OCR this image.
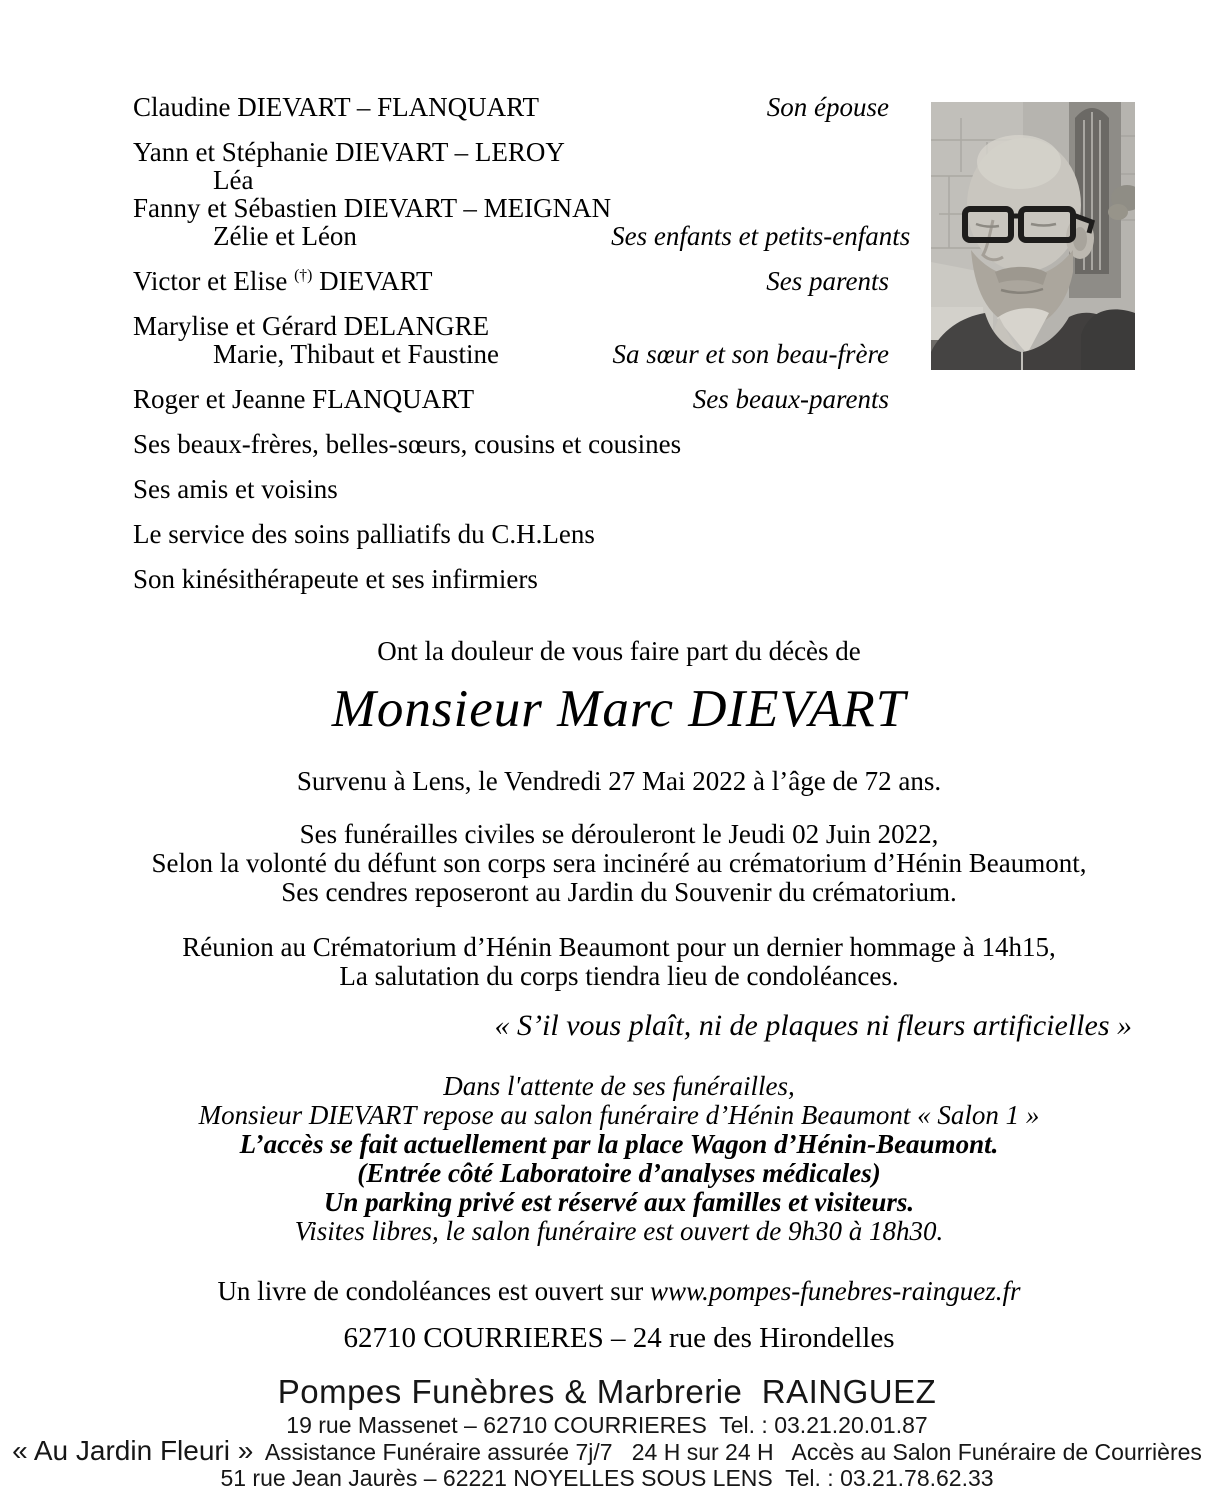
Claudine DIEVART – FLANQUART	Son épouse
Yann et Stéphanie DIEVART – LEROY
Léa
Fanny et Sébastien DIEVART – MEIGNAN
Zélie et Léon	Ses enfants et petits-enfants
Victor et Elise (†) DIEVART	Ses parents
Marylise et Gérard DELANGRE
Marie, Thibaut et Faustine	Sa sœur et son beau-frère
Roger et Jeanne FLANQUART	Ses beaux-parents
Ses beaux-frères, belles-sœurs, cousins et cousines
Ses amis et voisins
Le service des soins palliatifs du C.H.Lens
Son kinésithérapeute et ses infirmiers
Ont la douleur de vous faire part du décès de
Monsieur Marc DIEVART
Survenu à Lens, le Vendredi 27 Mai 2022 à l’âge de 72 ans.
Ses funérailles civiles se dérouleront le Jeudi 02 Juin 2022,
Selon la volonté du défunt son corps sera incinéré au crématorium d’Hénin Beaumont,
Ses cendres reposeront au Jardin du Souvenir du crématorium.
Réunion au Crématorium d’Hénin Beaumont pour un dernier hommage à 14h15,
La salutation du corps tiendra lieu de condoléances.
« S’il vous plaît, ni de plaques ni fleurs artificielles »
Dans l'attente de ses funérailles,
Monsieur DIEVART repose au salon funéraire d’Hénin Beaumont « Salon 1 »
L’accès se fait actuellement par la place Wagon d’Hénin-Beaumont.
(Entrée côté Laboratoire d’analyses médicales)
Un parking privé est réservé aux familles et visiteurs.
Visites libres, le salon funéraire est ouvert de 9h30 à 18h30.
Un livre de condoléances est ouvert sur www.pompes-funebres-rainguez.fr
62710 COURRIERES – 24 rue des Hirondelles
Pompes Funèbres & Marbrerie  RAINGUEZ
19 rue Massenet – 62710 COURRIERES  Tel. : 03.21.20.01.87
« Au Jardin Fleuri »  Assistance Funéraire assurée 7j/7   24 H sur 24 H   Accès au Salon Funéraire de Courrières
51 rue Jean Jaurès – 62221 NOYELLES SOUS LENS  Tel. : 03.21.78.62.33
